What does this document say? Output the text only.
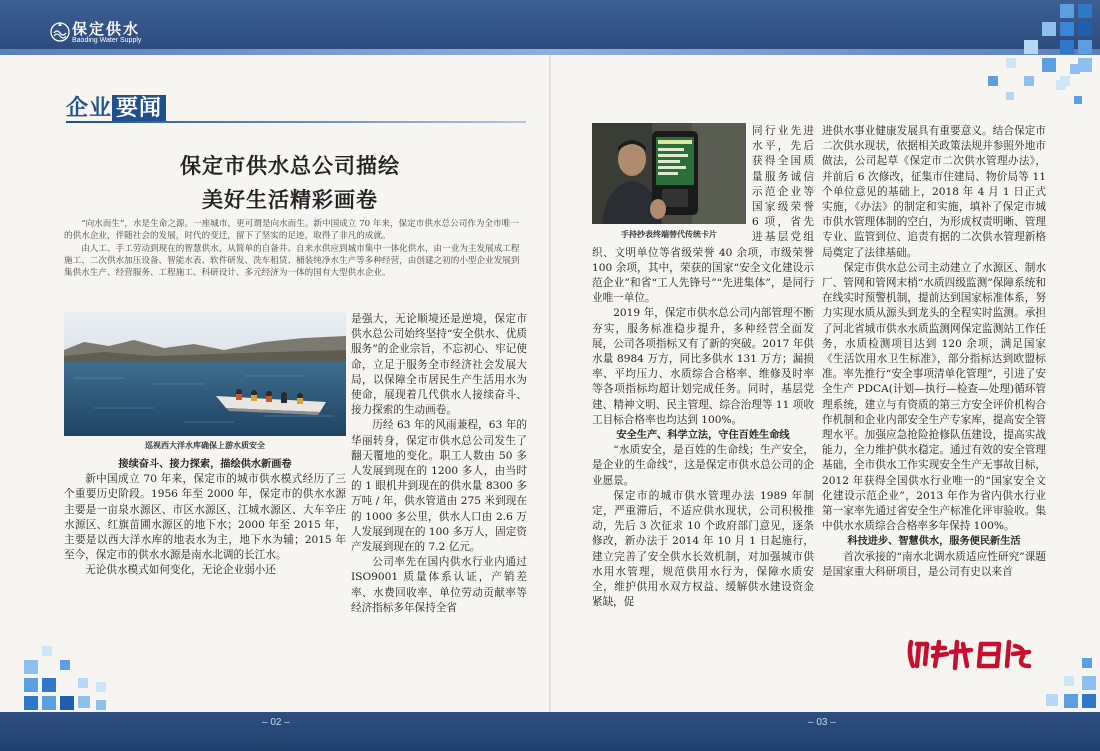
保定供水
Baoding Water Supply
企业 要闻
保定市供水总公司描绘
美好生活精彩画卷

“向水而生”，水是生命之源。一座城市，更可谓是向水而生。新中国成立 70 年来，保定市供水总公司作为全市唯一的供水企业，伴随社会的发展，时代的变迁，留下了坚实的足迹，取得了非凡的成就。

由人工、手工劳动到现在的智慧供水，从简单的自备井、自来水供应到城市集中一体化供水，由一业为主发展成工程施工、二次供水加压设备、智能水表、软件研发、洗车租赁、桶装纯净水生产等多种经营，由创建之初的小型企业发展到集供水生产、经营服务、工程施工、科研设计、多元经济为一体的国有大型供水企业。

巡视西大洋水库确保上游水质安全
手持抄表终端替代传统卡片

接续奋斗、接力探索，描绘供水新画卷

新中国成立 70 年来，保定市的城市供水模式经历了三个重要历史阶段。1956 年至 2000 年，保定市的供水水源主要是一亩泉水源区、市区水源区、江城水源区、大车辛庄水源区、红旗苗圃水源区的地下水；2000 年至 2015 年，主要是以西大洋水库的地表水为主，地下水为辅；2015 年至今，保定市的供水水源是南水北调的长江水。

无论供水模式如何变化，无论企业弱小还

是强大，无论顺境还是逆境，保定市供水总公司始终坚持“安全供水、优质服务”的企业宗旨，不忘初心、牢记使命，立足于服务全市经济社会发展大局，以保障全市居民生产生活用水为使命，展现着几代供水人接续奋斗、接力探索的生动画卷。

历经 63 年的风雨兼程，63 年的华丽转身，保定市供水总公司发生了翻天覆地的变化。职工人数由 50 多人发展到现在的 1200 多人，由当时的 1 眼机井到现在的供水量 8300 多万吨 / 年，供水管道由 275 米到现在的 1000 多公里，供水人口由 2.6 万人发展到现在的 100 多万人，固定资产发展到现在的 7.2 亿元。

公司率先在国内供水行业内通过 ISO9001 质量体系认证，产销差率、水费回收率、单位劳动贡献率等经济指标多年保持全省

同行业先进水平，先后获得全国质量服务诚信示范企业等国家级荣誉 6 项，省先进基层党组织、文明单位等省级荣誉 40 余项，市级荣誉 100 余项，其中，荣获的国家“安全文化建设示范企业”和省“工人先锋号”“先进集体”，是同行业唯一单位。

2019 年，保定市供水总公司内部管理不断夯实，服务标准稳步提升，多种经营全面发展，公司各项指标又有了新的突破。2017 年供水量 8984 万方，同比多供水 131 万方；漏损率、平均压力、水质综合合格率、维修及时率等各项指标均超计划完成任务。同时，基层党建、精神文明、民主管理、综合治理等 11 项收工目标合格率也均达到 100%。

安全生产、科学立法，守住百姓生命线

“水质安全，是百姓的生命线；生产安全，是企业的生命线”，这是保定市供水总公司的企业愿景。

保定市的城市供水管理办法 1989 年制定，严重滞后，不适应供水现状，公司积极推动，先后 3 次征求 10 个政府部门意见，逐条修改，新办法于 2014 年 10 月 1 日起施行，建立完善了安全供水长效机制，对加强城市供水用水管理，规范供用水行为，保障水质安全，维护供用水双方权益、缓解供水建设资金紧缺，促

进供水事业健康发展具有重要意义。结合保定市二次供水现状，依据相关政策法规并参照外地市做法，公司起草《保定市二次供水管理办法》，并前后 6 次修改，征集市住建局、物价局等 11 个单位意见的基础上，2018 年 4 月 1 日正式实施，《办法》的制定和实施，填补了保定市城市供水管理体制的空白，为形成权责明晰、管理专业、监管到位、追责有据的二次供水管理新格局奠定了法律基础。

保定市供水总公司主动建立了水源区、制水厂、管网和管网末梢“水质四级监测”保障系统和在线实时预警机制，提前达到国家标准体系，努力实现水质从源头到龙头的全程实时监测。承担了河北省城市供水水质监测网保定监测站工作任务，水质检测项目达到 120 余项，满足国家《生活饮用水卫生标准》，部分指标达到欧盟标准。率先推行“安全事项清单化管理”，引进了安全生产 PDCA(计划—执行—检查—处理)循环管理系统，建立与有资质的第三方安全评价机构合作机制和企业内部安全生产专家库，提高安全管理水平。加强应急抢险抢修队伍建设，提高实战能力，全力维护供水稳定。通过有效的安全管理基础，全市供水工作实现安全生产无事故目标，2012 年获得全国供水行业唯一的“国家安全文化建设示范企业”，2013 年作为省内供水行业第一家率先通过省安全生产标准化评审验收。集中供水水质综合合格率多年保持 100%。

科技进步、智慧供水，服务便民新生活

首次承接的“南水北调水质适应性研究”课题是国家重大科研项目，是公司有史以来首

– 02 –	– 03 –
